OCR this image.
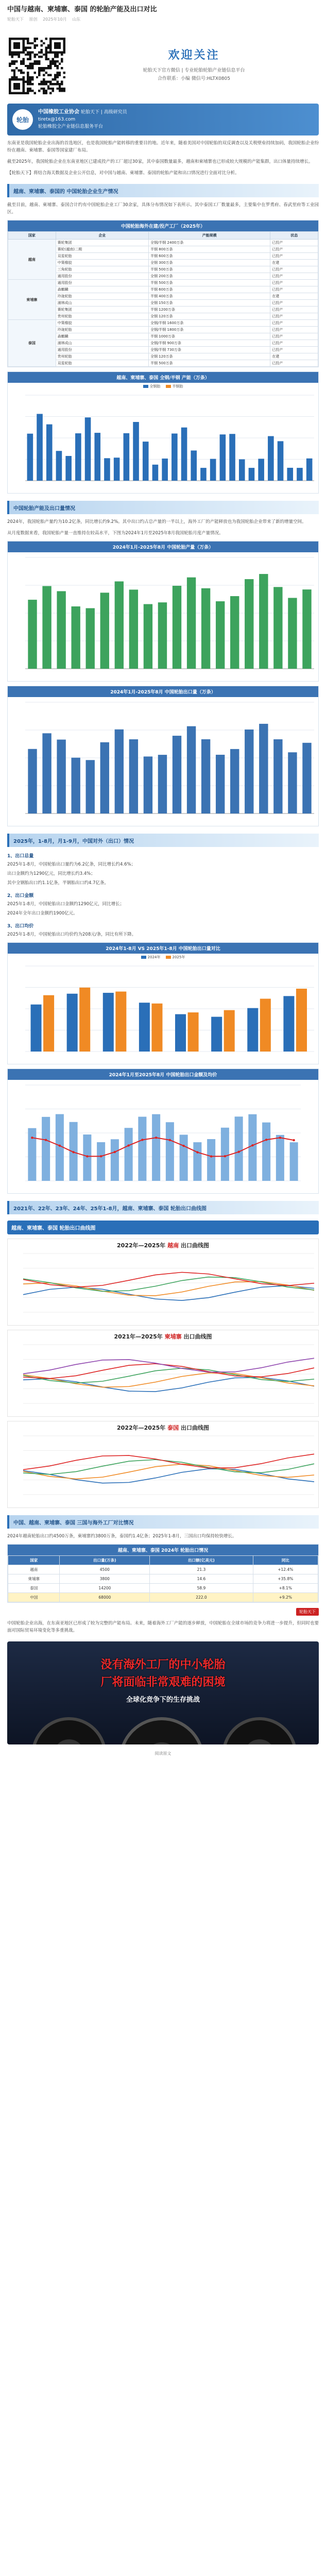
中国与越南、柬埔寨、泰国 的轮胎产能及出口对比
轮胎天下 原创 2025年10月 山东
欢迎关注
轮胎天下官方微信 | 专业轮胎轮胎产业链信息平台
合作联系：小编 微信号:HLTX0805
轮胎
中国橡胶工业协会 轮胎天下 | 高级研究员
tiretx@163.com
轮胎橡胶全产业链信息服务平台

东南亚是我国轮胎企业出海的首选地区，也是我国轮胎产能转移的重要目的地。近年来，随着美国对中国轮胎的双反调查以及关税壁垒持续加码，我国轮胎企业纷纷在越南、柬埔寨、泰国等国家建厂布局。

截至2025年，我国轮胎企业在东南亚地区已建成投产的工厂超过30家，其中泰国数量最多，越南和柬埔寨也已形成较大规模的产能集群，出口体量持续增长。

【轮胎天下】将结合海关数据及企业公开信息，对中国与越南、柬埔寨、泰国的轮胎产能和出口情况进行全面对比分析。

越南、柬埔寨、泰国的 中国轮胎企业生产情况

截至目前，越南、柬埔寨、泰国合计约有中国轮胎企业工厂30余家，具体分布情况如下表所示。其中泰国工厂数量最多，主要集中在罗勇府、春武里府等工业园区。

中国轮胎海外在建/投产工厂（2025年）
国家	企业	产能规模	状态
越南	赛轮集团	全钢/半钢 2400万条	已投产
	赛轮(越南)二期	半钢 800万条	已投产
	双星轮胎	半钢 600万条	已投产
	中策橡胶	全钢 300万条	在建
	三角轮胎	半钢 500万条	已投产
	通用股份	全钢 200万条	已投产
柬埔寨	通用股份	半钢 500万条	已投产
	森麒麟	半钢 600万条	已投产
	玲珑轮胎	半钢 400万条	在建
	浦林成山	全钢 150万条	已投产
	赛轮集团	半钢 1200万条	已投产
	贵州轮胎	全钢 120万条	已投产
泰国	中策橡胶	全钢/半钢 1600万条	已投产
	玲珑轮胎	全钢/半钢 1800万条	已投产
	森麒麟	半钢 1000万条	已投产
	浦林成山	全钢/半钢 900万条	已投产
	通用股份	全钢/半钢 730万条	已投产
	贵州轮胎	全钢 120万条	在建
	双星轮胎	半钢 500万条	已投产
越南、柬埔寨、泰国 全钢/半钢 产能（万条）
全钢胎	半钢胎
中国轮胎产能及出口量情况

2024年，我国轮胎产量约为10.2亿条，同比增长约9.2%。其中出口约占总产量的一半以上，海外工厂的产能释放也为我国轮胎企业带来了新的增量空间。

从月度数据来看，我国轮胎产量一直维持在较高水平，下图为2024年1月至2025年8月我国轮胎月度产量情况。

2024年1月-2025年8月 中国轮胎产量（万条）
2024年1月-2025年8月 中国轮胎出口量（万条）
2025年，1-8月，月1-9月，中国对外（出口）情况
1、出口总量
2025年1-8月，中国轮胎出口量约为6.2亿条，同比增长约4.6%；
出口金额约为1290亿元，同比增长约3.4%；
其中全钢胎出口约1.1亿条，半钢胎出口约4.7亿条。
2、出口金额
2025年1-8月，中国轮胎出口金额约1290亿元，同比增长；
2024年全年出口金额约1900亿元。
3、出口均价
2025年1-8月，中国轮胎出口均价约为208元/条，同比有所下降。
2024年1-8月 VS 2025年1-8月 中国轮胎出口量对比
2024年	2025年
2024年1月至2025年8月 中国轮胎出口金额及均价
2021年、22年、23年、24年、25年1-8月，越南、柬埔寨、泰国 轮胎出口曲线图
越南、柬埔寨、泰国 轮胎出口曲线图
2022年—2025年 越南 出口曲线图
2021年—2025年 柬埔寨 出口曲线图
2022年—2025年 泰国 出口曲线图
中国、越南、柬埔寨、泰国 三国与海外工厂对比情况

2024年越南轮胎出口约4500万条，柬埔寨约3800万条，泰国约1.4亿条；2025年1-8月，三国出口均保持较快增长。

越南、柬埔寨、泰国 2024年 轮胎出口情况
国家	出口量(万条)	出口额(亿美元)	同比
越南	4500	21.3	+12.4%
柬埔寨	3800	14.6	+35.8%
泰国	14200	58.9	+8.1%
中国	68000	222.0	+9.2%
轮胎天下

中国轮胎企业出海，在东南亚地区已形成了较为完整的产能布局。未来，随着海外工厂产能的逐步释放，中国轮胎在全球市场的竞争力将进一步提升，但同时也要面对国际贸易环境变化等多重挑战。

没有海外工厂的中小轮胎
厂将面临非常艰难的困境
全球化竞争下的生存挑战
阅读原文
